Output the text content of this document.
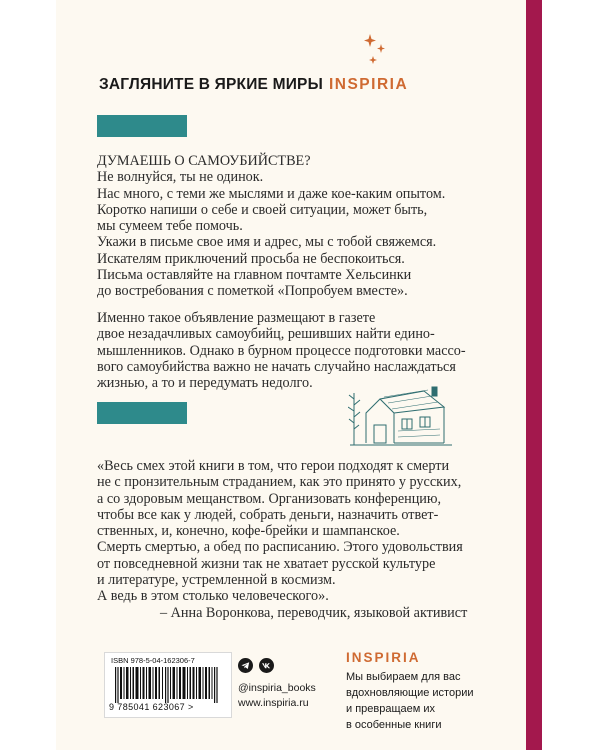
ЗАГЛЯНИТЕ В ЯРКИЕ МИРЫ INSPIRIA
ДУМАЕШЬ О САМОУБИЙСТВЕ?
Не волнуйся, ты не одинок.
Нас много, с теми же мыслями и даже кое-каким опытом.
Коротко напиши о себе и своей ситуации, может быть,
мы сумеем тебе помочь.
Укажи в письме свое имя и адрес, мы с тобой свяжемся.
Искателям приключений просьба не беспокоиться.
Письма оставляйте на главном почтамте Хельсинки
до востребования с пометкой «Попробуем вместе».
Именно такое объявление размещают в газете
двое незадачливых самоубийц, решивших найти едино-
мышленников. Однако в бурном процессе подготовки массо-
вого самоубийства важно не начать случайно наслаждаться
жизнью, а то и передумать недолго.
«Весь смех этой книги в том, что герои подходят к смерти
не с пронзительным страданием, как это принято у русских,
а со здоровым мещанством. Организовать конференцию,
чтобы все как у людей, собрать деньги, назначить ответ-
ственных, и, конечно, кофе-брейки и шампанское.
Смерть смертью, а обед по расписанию. Этого удовольствия
от повседневной жизни так не хватает русской культуре
и литературе, устремленной в космизм.
А ведь в этом столько человеческого».
– Анна Воронкова, переводчик, языковой активист
ISBN 978-5-04-162306-7
9 785041 623067 >
@inspiria_books
www.inspiria.ru
INSPIRIA
Мы выбираем для вас
вдохновляющие истории
и превращаем их
в особенные книги
